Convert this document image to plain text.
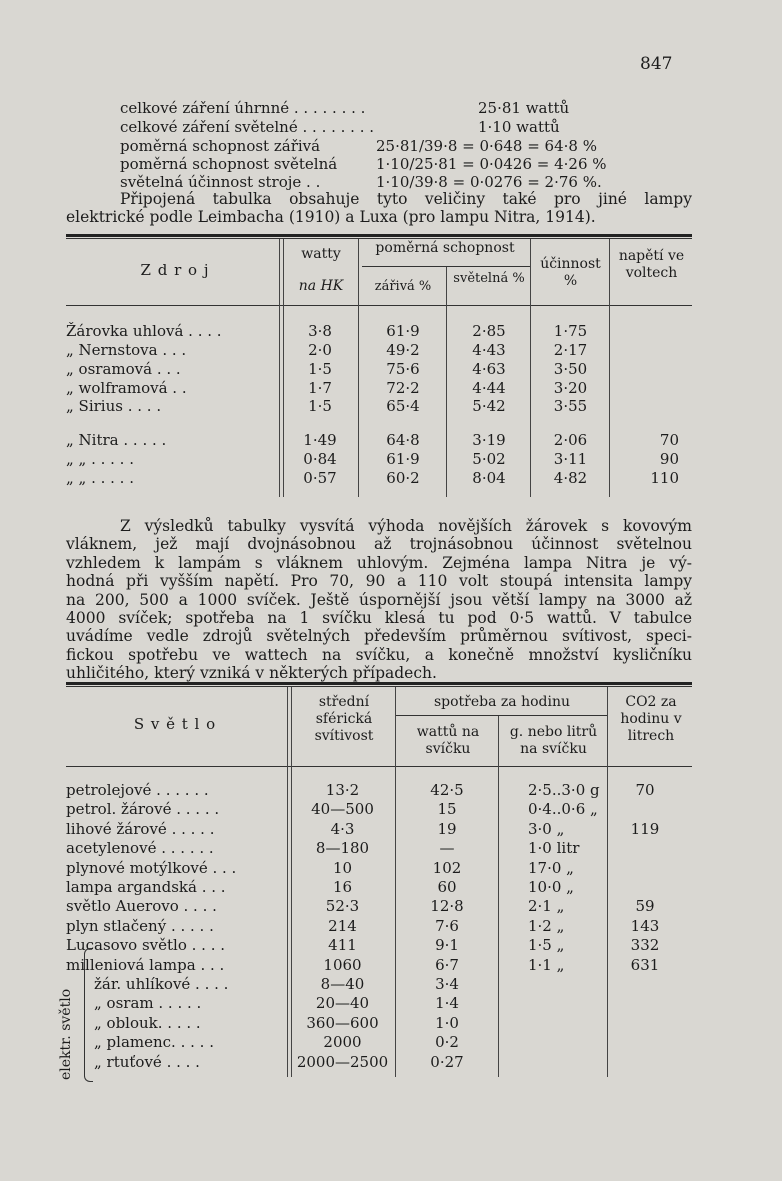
847
celkové záření úhrnné . . . . . . . .	25·81 wattů
celkové záření světelné . . . . . . . .	1·10 wattů
poměrná schopnost zářivá	25·81/39·8 = 0·648 = 64·8 %
poměrná schopnost světelná	1·10/25·81 = 0·0426 = 4·26 %
světelná účinnost stroje . .	1·10/39·8 = 0·0276 = 2·76 %.
Připojená tabulka obsahuje tyto veličiny také pro jiné lampy
elektrické podle Leimbacha (1910) a Luxa (pro lampu Nitra, 1914).
Z d r o j
watty
na HK
poměrná schopnost
zářivá %
světelná %
účinnost %
napětí ve voltech
Žárovka uhlová . . . .	3·8	61·9	2·85	1·75
„ Nernstova . . .	2·0	49·2	4·43	2·17
„ osramová . . .	1·5	75·6	4·63	3·50
„ wolframová . .	1·7	72·2	4·44	3·20
„ Sirius . . . .	1·5	65·4	5·42	3·55
„ Nitra . . . . .	1·49	64·8	3·19	2·06	70
„ „ . . . . .	0·84	61·9	5·02	3·11	90
„ „ . . . . .	0·57	60·2	8·04	4·82	110
Z výsledků tabulky vysvítá výhoda novějších žárovek s kovovým
vláknem, jež mají dvojnásobnou až trojnásobnou účinnost světelnou
vzhledem k lampám s vláknem uhlovým. Zejména lampa Nitra je vý-
hodná při vyšším napětí. Pro 70, 90 a 110 volt stoupá intensita lampy
na 200, 500 a 1000 svíček. Ještě úspornější jsou větší lampy na 3000 až
4000 svíček; spotřeba na 1 svíčku klesá tu pod 0·5 wattů. V tabulce
uvádíme vedle zdrojů světelných především průměrnou svítivost, speci-
fickou spotřebu ve wattech na svíčku, a konečně množství kysličníku
uhličitého, který vzniká v některých případech.
S v ě t l o
střední sférická svítivost
spotřeba za hodinu
wattů na svíčku
g. nebo litrů na svíčku
CO2 za hodinu v litrech
elektr. světlo
petrolejové . . . . . .	13·2	42·5	2·5..3·0 g	70
petrol. žárové . . . . .	40—500	15	0·4..0·6 „
lihové žárové . . . . .	4·3	19	3·0 „	119
acetylenové . . . . . .	8—180	—	1·0 litr
plynové motýlkové . . .	10	102	17·0 „
lampa argandská . . .	16	60	10·0 „
světlo Auerovo . . . .	52·3	12·8	2·1 „	59
plyn stlačený . . . . .	214	7·6	1·2 „	143
Lucasovo světlo . . . .	411	9·1	1·5 „	332
milleniová lampa . . .	1060	6·7	1·1 „	631
žár. uhlíkové . . . .	8—40	3·4
„ osram . . . . .	20—40	1·4
„ oblouk. . . . .	360—600	1·0
„ plamenc. . . . .	2000	0·2
„ rtuťové . . . .	2000—2500	0·27
